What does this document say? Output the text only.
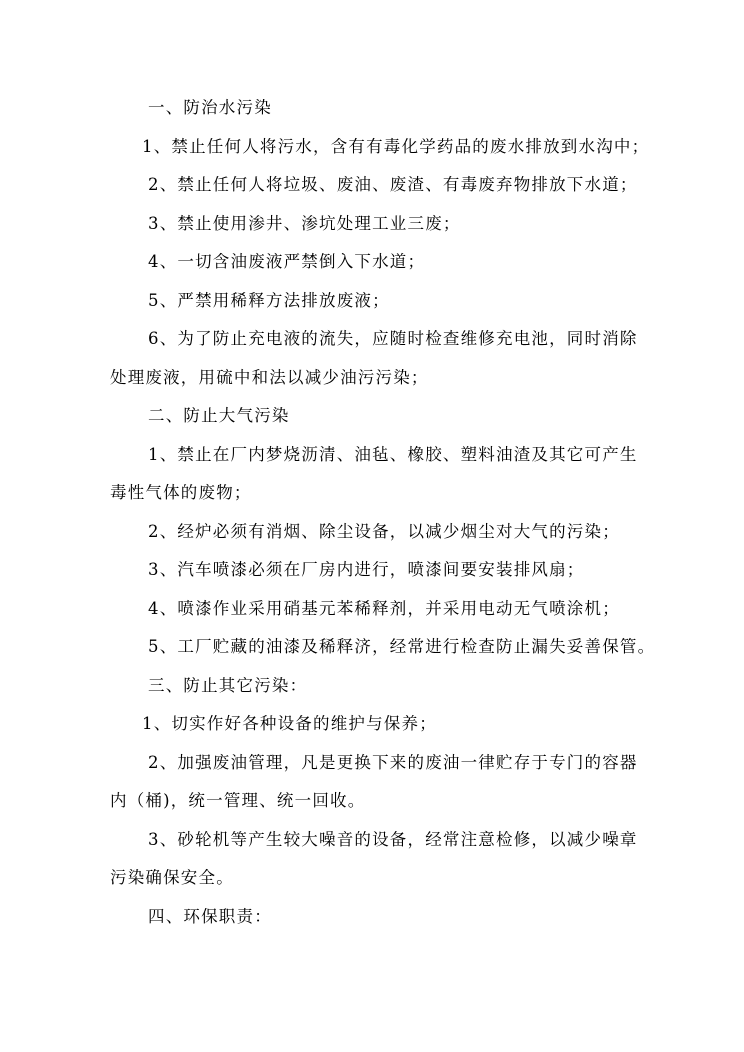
一、防治水污染

1、禁止任何人将污水，含有有毒化学药品的废水排放到水沟中；

2、禁止任何人将垃圾、废油、废渣、有毒废弃物排放下水道；

3、禁止使用渗井、渗坑处理工业三废；

4、一切含油废液严禁倒入下水道；

5、严禁用稀释方法排放废液；

6、为了防止充电液的流失，应随时检查维修充电池，同时消除

处理废液，用硫中和法以减少油污污染；

二、防止大气污染

1、禁止在厂内梦烧沥清、油毡、橡胶、塑料油渣及其它可产生

毒性气体的废物；

2、经炉必须有消烟、除尘设备，以减少烟尘对大气的污染；

3、汽车喷漆必须在厂房内进行，喷漆间要安装排风扇；

4、喷漆作业采用硝基元苯稀释剂，并采用电动无气喷涂机；

5、工厂贮藏的油漆及稀释济，经常进行检查防止漏失妥善保管。

三、防止其它污染：

1、切实作好各种设备的维护与保养；

2、加强废油管理，凡是更换下来的废油一律贮存于专门的容器

内（桶)，统一管理、统一回收。

3、砂轮机等产生较大噪音的设备，经常注意检修，以减少噪章

污染确保安全。

四、环保职责：
